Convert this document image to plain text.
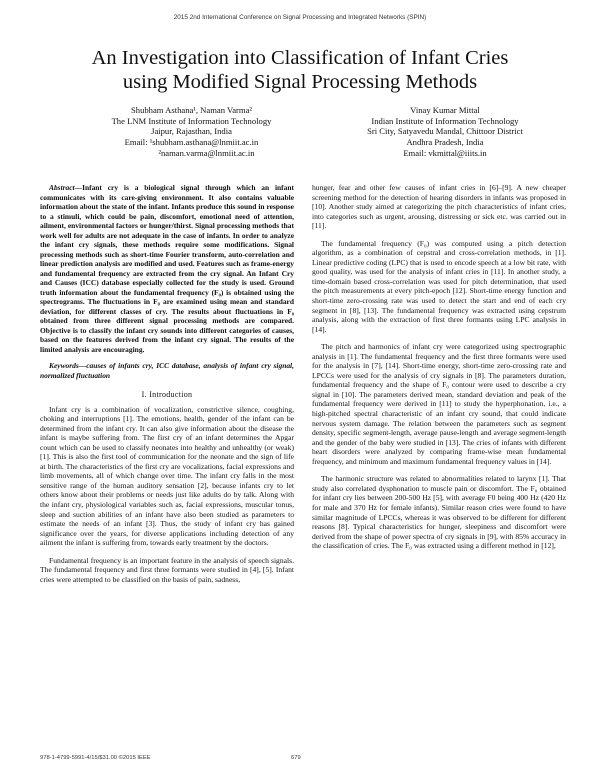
2015 2nd International Conference on Signal Processing and Integrated Networks (SPIN)
An Investigation into Classification of Infant Cries
using Modified Signal Processing Methods
Shubham Asthana¹, Naman Varma²
The LNM Institute of Information Technology
Jaipur, Rajasthan, India
Email: ¹shubham.asthana@lnmiit.ac.in
²naman.varma@lnmiit.ac.in
Vinay Kumar Mittal
Indian Institute of Information Technology
Sri City, Satyavedu Mandal, Chittoor District
Andhra Pradesh, India
Email: vkmittal@iiits.in

Abstract—Infant cry is a biological signal through which an infant communicates with its care-giving environment. It also contains valuable information about the state of the infant. Infants produce this sound in response to a stimuli, which could be pain, discomfort, emotional need of attention, ailment, environmental factors or hunger/thirst. Signal processing methods that work well for adults are not adequate in the case of infants. In order to analyze the infant cry signals, these methods require some modifications. Signal processing methods such as short-time Fourier transform, auto-correlation and linear prediction analysis are modified and used. Features such as frame-energy and fundamental frequency are extracted from the cry signal. An Infant Cry and Causes (ICC) database especially collected for the study is used. Ground truth information about the fundamental frequency (F₀) is obtained using the spectrograms. The fluctuations in F₀ are examined using mean and standard deviation, for different classes of cry. The results about fluctuations in F₀ obtained from three different signal processing methods are compared. Objective is to classify the infant cry sounds into different categories of causes, based on the features derived from the infant cry signal. The results of the limited analysis are encouraging.

Keywords—causes of infants cry, ICC database, analysis of infant cry signal, normalized fluctuation

I. Introduction

Infant cry is a combination of vocalization, constrictive silence, coughing, choking and interruptions [1]. The emotions, health, gender of the infant can be determined from the infant cry. It can also give information about the disease the infant is maybe suffering from. The first cry of an infant determines the Apgar count which can be used to classify neonates into healthy and unhealthy (or weak) [1]. This is also the first tool of communication for the neonate and the sign of life at birth. The characteristics of the first cry are vocalizations, facial expressions and limb movements, all of which change over time. The infant cry falls in the most sensitive range of the human auditory sensation [2], because infants cry to let others know about their problems or needs just like adults do by talk. Along with the infant cry, physiological variables such as, facial expressions, muscular tonus, sleep and suction abilities of an infant have also been studied as parameters to estimate the needs of an infant [3]. Thus, the study of infant cry has gained significance over the years, for diverse applications including detection of any ailment the infant is suffering from, towards early treatment by the doctors.

Fundamental frequency is an important feature in the analysis of speech signals. The fundamental frequency and first three formants were studied in [4], [5]. Infant cries were attempted to be classified on the basis of pain, sadness,

hunger, fear and other few causes of infant cries in [6]–[9]. A new cheaper screening method for the detection of hearing disorders in infants was proposed in [10]. Another study aimed at categorizing the pitch characteristics of infant cries, into categories such as urgent, arousing, distressing or sick etc. was carried out in [11].

The fundamental frequency (F₀) was computed using a pitch detection algorithm, as a combination of cepstral and cross-correlation methods, in [1]. Linear predictive coding (LPC) that is used to encode speech at a low bit rate, with good quality, was used for the analysis of infant cries in [11]. In another study, a time-domain based cross-correlation was used for pitch determination, that used the pitch measurements at every pitch-epoch [12]. Short-time energy function and short-time zero-crossing rate was used to detect the start and end of each cry segment in [8], [13]. The fundamental frequency was extracted using cepstrum analysis, along with the extraction of first three formants using LPC analysis in [14].

The pitch and harmonics of infant cry were categorized using spectrographic analysis in [1]. The fundamental frequency and the first three formants were used for the analysis in [7], [14]. Short-time energy, short-time zero-crossing rate and LPCCs were used for the analysis of cry signals in [8]. The parameters duration, fundamental frequency and the shape of F₀ contour were used to describe a cry signal in [10]. The parameters derived mean, standard deviation and peak of the fundamental frequency were derived in [11] to study the hyperphonation, i.e., a high-pitched spectral characteristic of an infant cry sound, that could indicate nervous system damage. The relation between the parameters such as segment density, specific segment-length, average pause-length and average segment-length and the gender of the baby were studied in [13]. The cries of infants with different heart disorders were analyzed by comparing frame-wise mean fundamental frequency, and minimum and maximum fundamental frequency values in [14].

The harmonic structure was related to abnormalities related to larynx [1]. That study also correlated dysphonation to muscle pain or discomfort. The F₀ obtained for infant cry lies between 200-500 Hz [5], with average F0 being 400 Hz (420 Hz for male and 370 Hz for female infants). Similar reason cries were found to have similar magnitude of LPCCs, whereas it was observed to be different for different reasons [8]. Typical characteristics for hunger, sleepiness and discomfort were derived from the shape of power spectra of cry signals in [9], with 85% accuracy in the classification of cries. The F₀ was extracted using a different method in [12],

978-1-4799-5991-4/15/$31.00 ©2015 IEEE	679
